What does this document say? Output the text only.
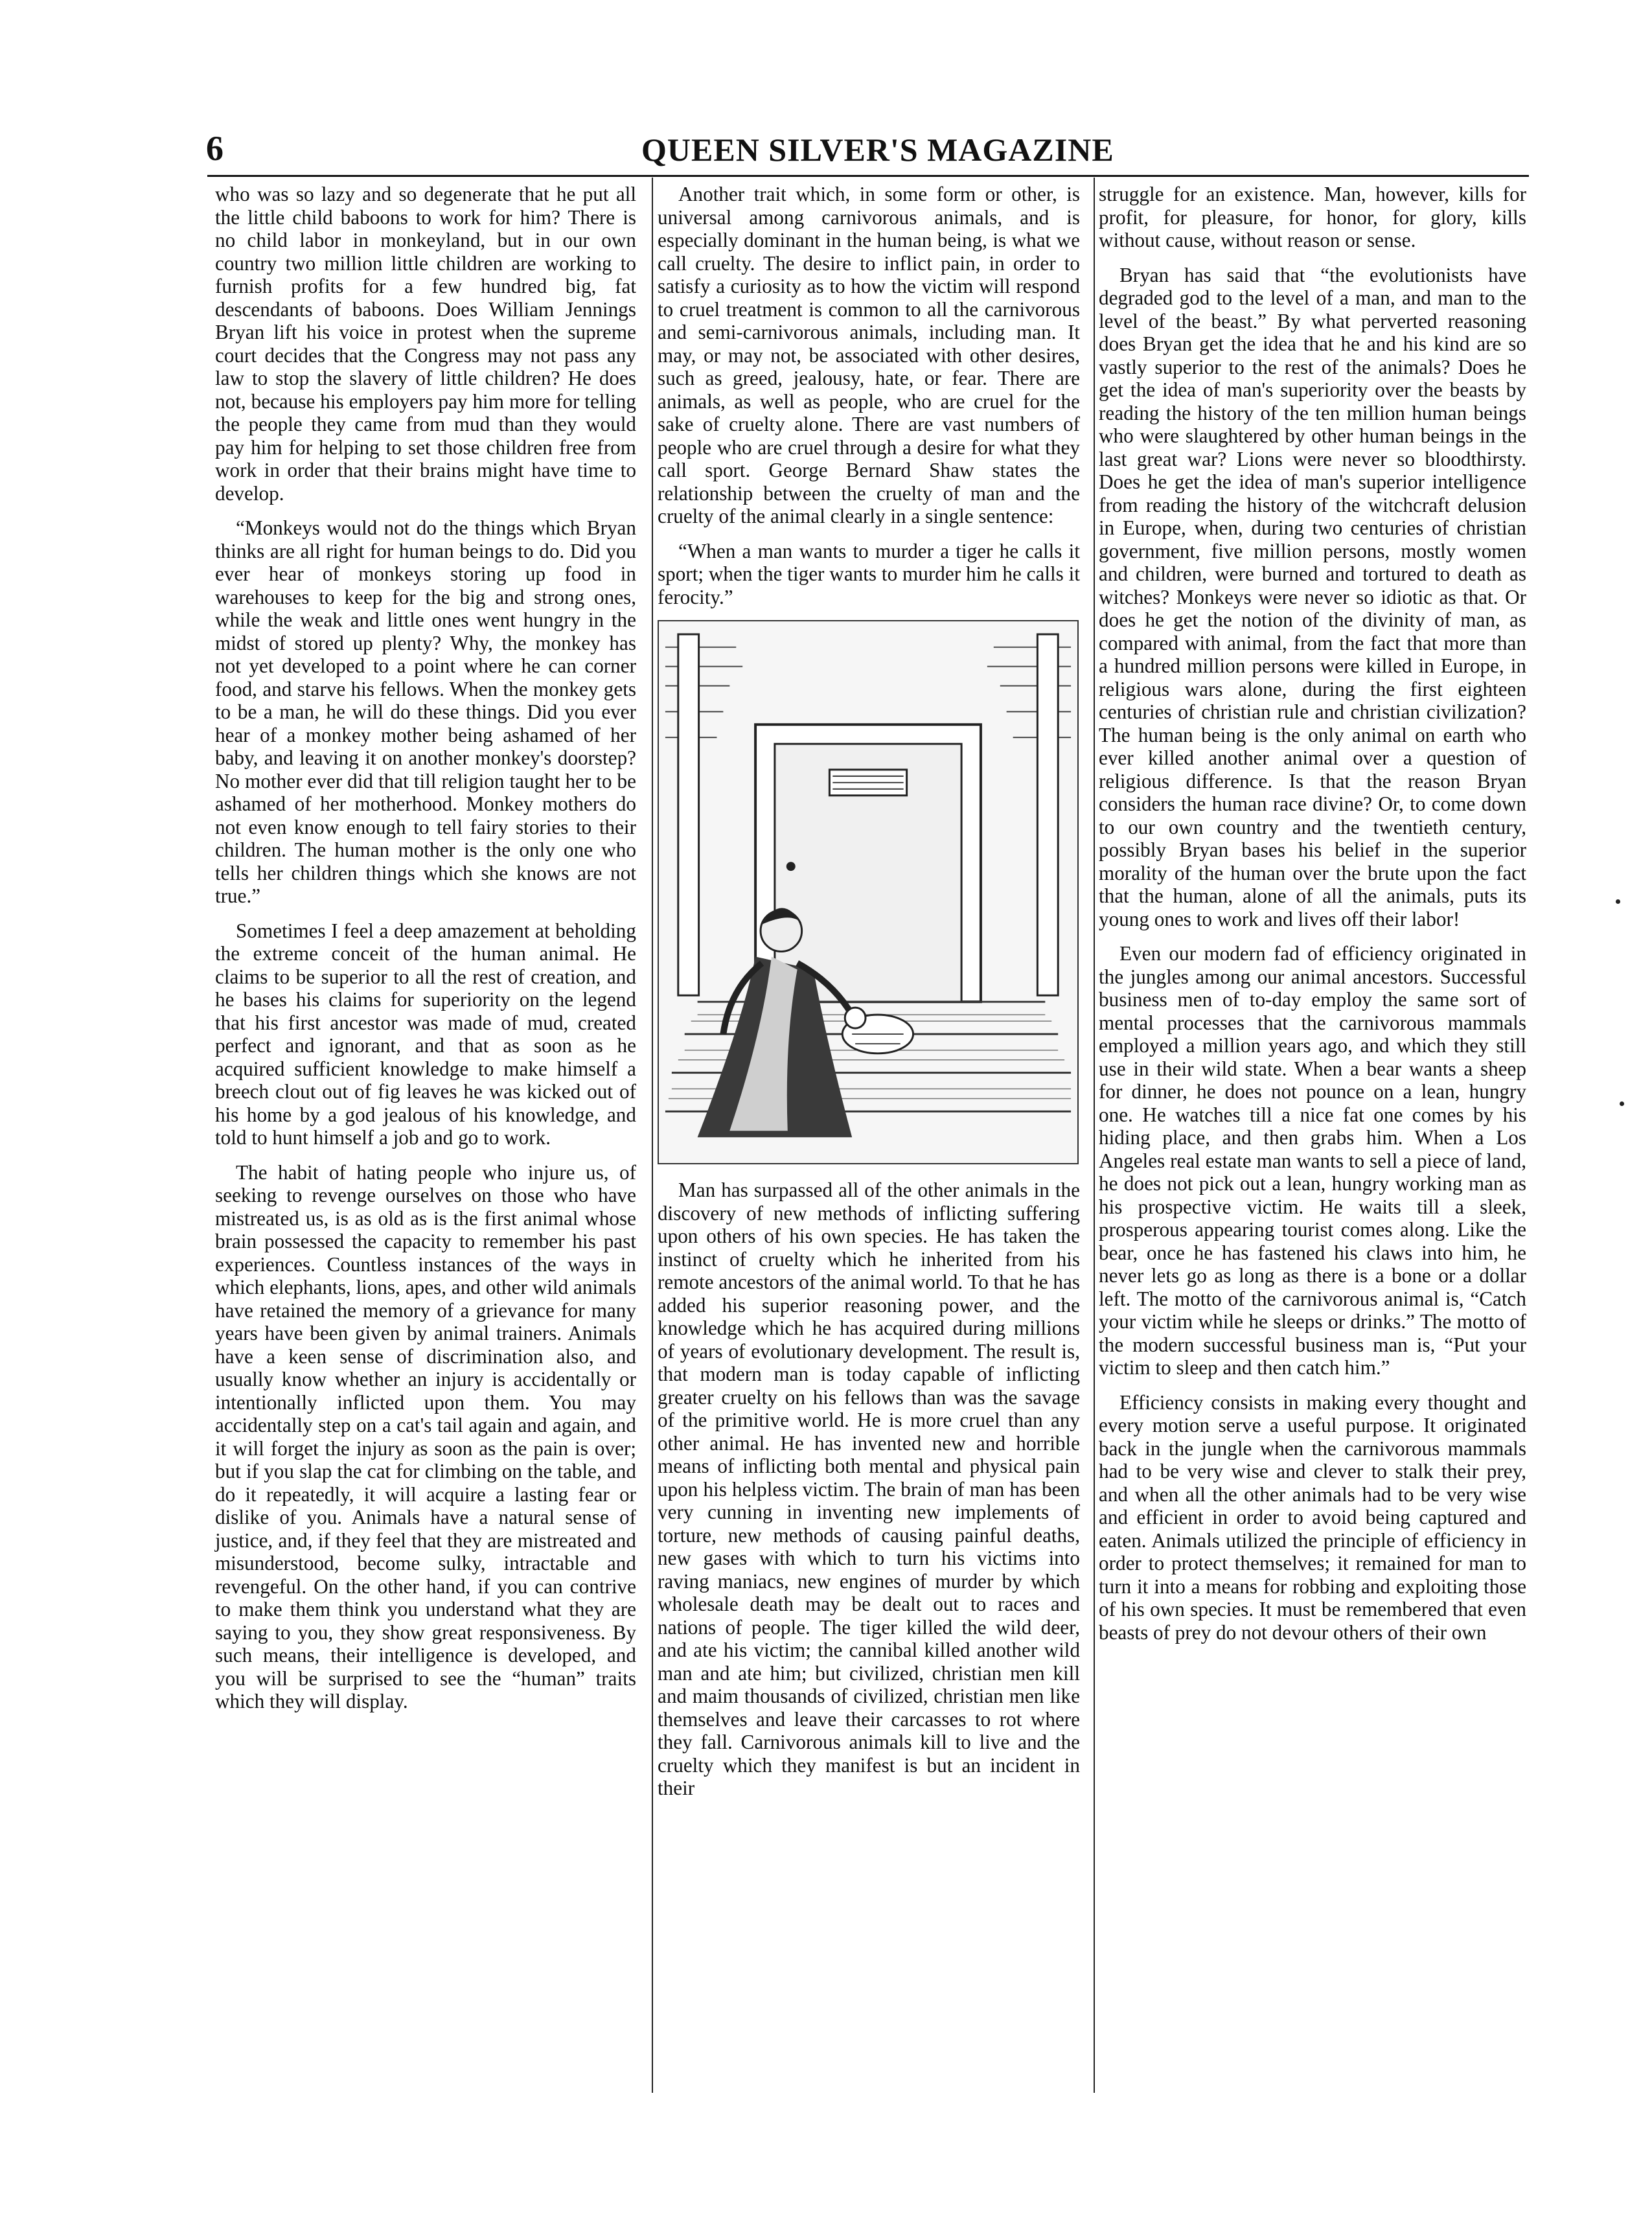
6	QUEEN SILVER'S MAGAZINE

who was so lazy and so degenerate that he put all the little child baboons to work for him? There is no child labor in monkeyland, but in our own country two million little children are working to furnish profits for a few hundred big, fat descendants of baboons. Does William Jennings Bryan lift his voice in protest when the supreme court decides that the Congress may not pass any law to stop the slavery of little children? He does not, because his employers pay him more for telling the people they came from mud than they would pay him for helping to set those children free from work in order that their brains might have time to develop.

“Monkeys would not do the things which Bryan thinks are all right for human beings to do. Did you ever hear of monkeys storing up food in warehouses to keep for the big and strong ones, while the weak and little ones went hungry in the midst of stored up plenty? Why, the monkey has not yet developed to a point where he can corner food, and starve his fellows. When the monkey gets to be a man, he will do these things. Did you ever hear of a monkey mother being ashamed of her baby, and leaving it on another monkey's doorstep? No mother ever did that till religion taught her to be ashamed of her motherhood. Monkey mothers do not even know enough to tell fairy stories to their children. The human mother is the only one who tells her children things which she knows are not true.”

Sometimes I feel a deep amazement at beholding the extreme conceit of the human animal. He claims to be superior to all the rest of creation, and he bases his claims for superiority on the legend that his first ancestor was made of mud, created perfect and ignorant, and that as soon as he acquired sufficient knowledge to make himself a breech clout out of fig leaves he was kicked out of his home by a god jealous of his knowledge, and told to hunt himself a job and go to work.

The habit of hating people who injure us, of seeking to revenge ourselves on those who have mistreated us, is as old as is the first animal whose brain possessed the capacity to remember his past experiences. Countless instances of the ways in which elephants, lions, apes, and other wild animals have retained the memory of a grievance for many years have been given by animal trainers. Animals have a keen sense of discrimination also, and usually know whether an injury is accidentally or intentionally inflicted upon them. You may accidentally step on a cat's tail again and again, and it will forget the injury as soon as the pain is over; but if you slap the cat for climbing on the table, and do it repeatedly, it will acquire a lasting fear or dislike of you. Animals have a natural sense of justice, and, if they feel that they are mistreated and misunderstood, become sulky, intractable and revengeful. On the other hand, if you can contrive to make them think you understand what they are saying to you, they show great responsiveness. By such means, their intelligence is developed, and you will be surprised to see the “human” traits which they will display.

Another trait which, in some form or other, is universal among carnivorous animals, and is especially dominant in the human being, is what we call cruelty. The desire to inflict pain, in order to satisfy a curiosity as to how the victim will respond to cruel treatment is common to all the carnivorous and semi-carnivorous animals, including man. It may, or may not, be associated with other desires, such as greed, jealousy, hate, or fear. There are animals, as well as people, who are cruel for the sake of cruelty alone. There are vast numbers of people who are cruel through a desire for what they call sport. George Bernard Shaw states the relationship between the cruelty of man and the cruelty of the animal clearly in a single sentence:

“When a man wants to murder a tiger he calls it sport; when the tiger wants to murder him he calls it ferocity.”

Man has surpassed all of the other animals in the discovery of new methods of inflicting suffering upon others of his own species. He has taken the instinct of cruelty which he inherited from his remote ancestors of the animal world. To that he has added his superior reasoning power, and the knowledge which he has acquired during millions of years of evolutionary development. The result is, that modern man is today capable of inflicting greater cruelty on his fellows than was the savage of the primitive world. He is more cruel than any other animal. He has invented new and horrible means of inflicting both mental and physical pain upon his helpless victim. The brain of man has been very cunning in inventing new implements of torture, new methods of causing painful deaths, new gases with which to turn his victims into raving maniacs, new engines of murder by which wholesale death may be dealt out to races and nations of people. The tiger killed the wild deer, and ate his victim; the cannibal killed another wild man and ate him; but civilized, christian men kill and maim thousands of civilized, christian men like themselves and leave their carcasses to rot where they fall. Carnivorous animals kill to live and the cruelty which they manifest is but an incident in their

struggle for an existence. Man, however, kills for profit, for pleasure, for honor, for glory, kills without cause, without reason or sense.

Bryan has said that “the evolutionists have degraded god to the level of a man, and man to the level of the beast.” By what perverted reasoning does Bryan get the idea that he and his kind are so vastly superior to the rest of the animals? Does he get the idea of man's superiority over the beasts by reading the history of the ten million human beings who were slaughtered by other human beings in the last great war? Lions were never so bloodthirsty. Does he get the idea of man's superior intelligence from reading the history of the witchcraft delusion in Europe, when, during two centuries of christian government, five million persons, mostly women and children, were burned and tortured to death as witches? Monkeys were never so idiotic as that. Or does he get the notion of the divinity of man, as compared with animal, from the fact that more than a hundred million persons were killed in Europe, in religious wars alone, during the first eighteen centuries of christian rule and christian civilization? The human being is the only animal on earth who ever killed another animal over a question of religious difference. Is that the reason Bryan considers the human race divine? Or, to come down to our own country and the twentieth century, possibly Bryan bases his belief in the superior morality of the human over the brute upon the fact that the human, alone of all the animals, puts its young ones to work and lives off their labor!

Even our modern fad of efficiency originated in the jungles among our animal ancestors. Successful business men of to-day employ the same sort of mental processes that the carnivorous mammals employed a million years ago, and which they still use in their wild state. When a bear wants a sheep for dinner, he does not pounce on a lean, hungry one. He watches till a nice fat one comes by his hiding place, and then grabs him. When a Los Angeles real estate man wants to sell a piece of land, he does not pick out a lean, hungry working man as his prospective victim. He waits till a sleek, prosperous appearing tourist comes along. Like the bear, once he has fastened his claws into him, he never lets go as long as there is a bone or a dollar left. The motto of the carnivorous animal is, “Catch your victim while he sleeps or drinks.” The motto of the modern successful business man is, “Put your victim to sleep and then catch him.”

Efficiency consists in making every thought and every motion serve a useful purpose. It originated back in the jungle when the carnivorous mammals had to be very wise and clever to stalk their prey, and when all the other animals had to be very wise and efficient in order to avoid being captured and eaten. Animals utilized the principle of efficiency in order to protect themselves; it remained for man to turn it into a means for robbing and exploiting those of his own species. It must be remembered that even beasts of prey do not devour others of their own
